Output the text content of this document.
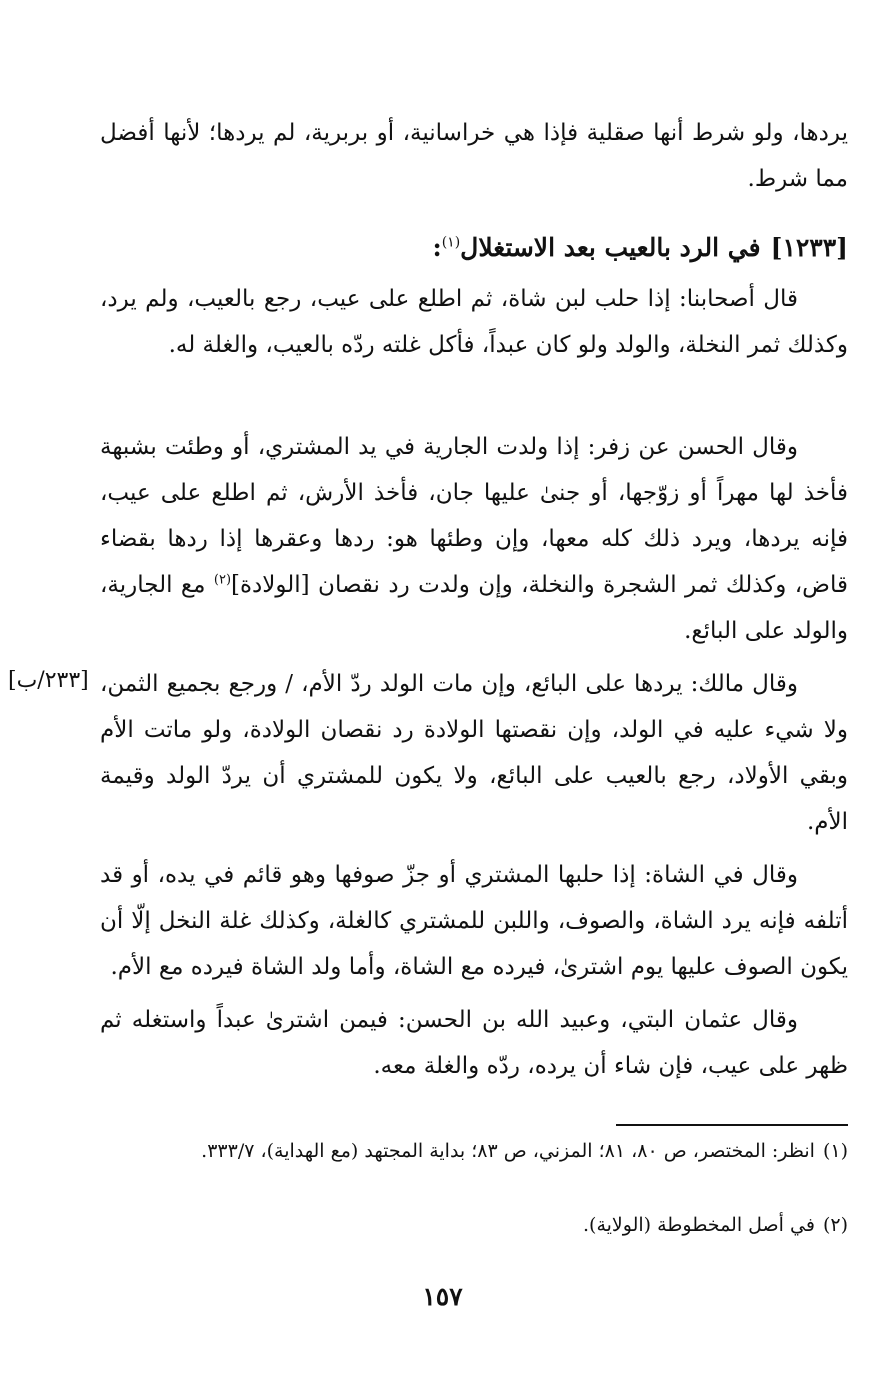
يردها، ولو شرط أنها صقلية فإذا هي خراسانية، أو بربرية، لم يردها؛ لأنها أفضل مما شرط.

[١٢٣٣]في الرد بالعيب بعد الاستغلال$^{(١)}$:

قال أصحابنا: إذا حلب لبن شاة، ثم اطلع على عيب، رجع بالعيب، ولم يرد، وكذلك ثمر النخلة، والولد ولو كان عبداً، فأكل غلته ردّه بالعيب، والغلة له.

وقال الحسن عن زفر: إذا ولدت الجارية في يد المشتري، أو وطئت بشبهة فأخذ لها مهراً أو زوّجها، أو جنىٰ عليها جان، فأخذ الأرش، ثم اطلع على عيب، فإنه يردها، ويرد ذلك كله معها، وإن وطئها هو: ردها وعقرها إذا ردها بقضاء قاض، وكذلك ثمر الشجرة والنخلة، وإن ولدت رد نقصان [الولادة]$^{(٢)}$ مع الجارية، والولد على البائع.

[٢٣٣/ب] وقال مالك: يردها على البائع، وإن مات الولد ردّ الأم، / ورجع بجميع الثمن، ولا شيء عليه في الولد، وإن نقصتها الولادة رد نقصان الولادة، ولو ماتت الأم وبقي الأولاد، رجع بالعيب على البائع، ولا يكون للمشتري أن يردّ الولد وقيمة الأم.

وقال في الشاة: إذا حلبها المشتري أو جزّ صوفها وهو قائم في يده، أو قد أتلفه فإنه يرد الشاة، والصوف، واللبن للمشتري كالغلة، وكذلك غلة النخل إلّا أن يكون الصوف عليها يوم اشترىٰ، فيرده مع الشاة، وأما ولد الشاة فيرده مع الأم.

وقال عثمان البتي، وعبيد الله بن الحسن: فيمن اشترىٰ عبداً واستغله ثم ظهر على عيب، فإن شاء أن يرده، ردّه والغلة معه.

(١)انظر: المختصر، ص ٨٠، ٨١؛ المزني، ص ٨٣؛ بداية المجتهد (مع الهداية)، ٣٣٣/٧.

(٢)في أصل المخطوطة (الولاية).

١٥٧
